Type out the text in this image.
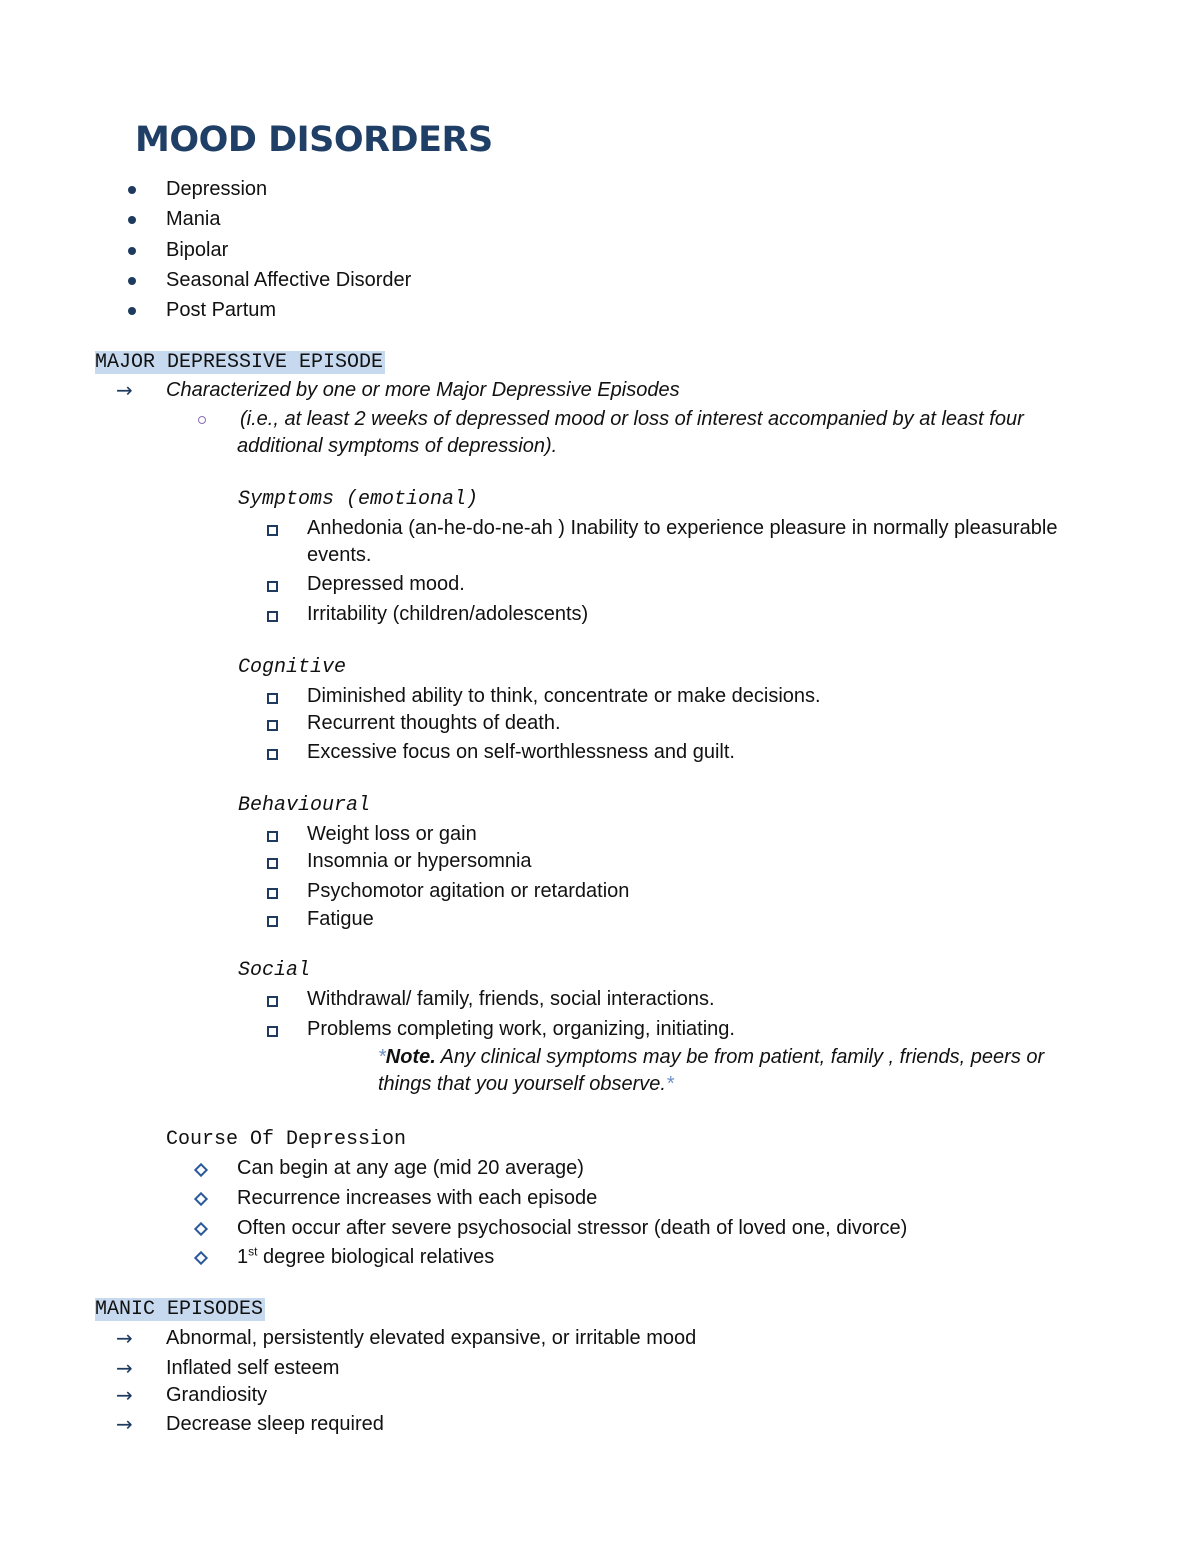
MOOD DISORDERS
Depression
Mania
Bipolar
Seasonal Affective Disorder
Post Partum
MAJOR DEPRESSIVE EPISODE
→ Characterized by one or more Major Depressive Episodes
(i.e., at least 2 weeks of depressed mood or loss of interest accompanied by at least four
additional symptoms of depression).
Symptoms (emotional)
Anhedonia (an-he-do-ne-ah ) Inability to experience pleasure in normally pleasurable
events.
Depressed mood.
Irritability (children/adolescents)
Cognitive
Diminished ability to think, concentrate or make decisions.
Recurrent thoughts of death.
Excessive focus on self-worthlessness and guilt.
Behavioural
Weight loss or gain
Insomnia or hypersomnia
Psychomotor agitation or retardation
Fatigue
Social
Withdrawal/ family, friends, social interactions.
Problems completing work, organizing, initiating.
*Note. Any clinical symptoms may be from patient, family , friends, peers or
things that you yourself observe.*
Course Of Depression
Can begin at any age (mid 20 average)
Recurrence increases with each episode
Often occur after severe psychosocial stressor (death of loved one, divorce)
1st degree biological relatives
MANIC EPISODES
→ Abnormal, persistently elevated expansive, or irritable mood
→ Inflated self esteem
→ Grandiosity
→ Decrease sleep required
